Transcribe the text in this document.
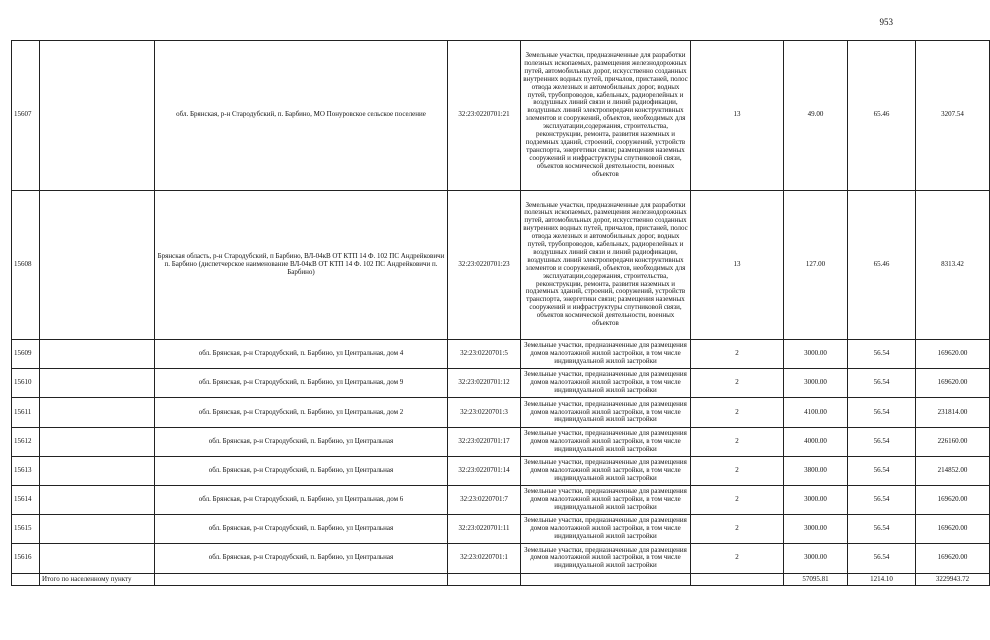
953
15607		обл. Брянская, р-н Стародубский, п. Барбино, МО Понуровское сельское поселение	32:23:0220701:21	Земельные участки, предназначенные для разработки полезных ископаемых, размещения железнодорожных путей, автомобильных дорог, искусственно созданных внутренних водных путей, причалов, пристаней, полос отвода железных и автомобильных дорог, водных путей, трубопроводов, кабельных, радиорелейных и воздушных линий связи и линий радиофикации, воздушных линий электропередачи конструктивных элементов и сооружений, объектов, необходимых для эксплуатации,содержания, строительства, реконструкции, ремонта, развития наземных и подземных зданий, строений, сооружений, устройств транспорта, энергетики связи; размещения наземных сооружений и инфраструктуры спутниковой связи, объектов космической деятельности, военных объектов	13	49.00	65.46	3207.54
15608		Брянская область, р-н Стародубский, п Барбино, ВЛ-04кВ ОТ КТП 14 Ф. 102 ПС Андрейковичи п. Барбино (диспетчерское наименование ВЛ-04кВ ОТ КТП 14 Ф. 102 ПС Андрейковичи п. Барбино)	32:23:0220701:23	Земельные участки, предназначенные для разработки полезных ископаемых, размещения железнодорожных путей, автомобильных дорог, искусственно созданных внутренних водных путей, причалов, пристаней, полос отвода железных и автомобильных дорог, водных путей, трубопроводов, кабельных, радиорелейных и воздушных линий связи и линий радиофикации, воздушных линий электропередачи конструктивных элементов и сооружений, объектов, необходимых для эксплуатации,содержания, строительства, реконструкции, ремонта, развития наземных и подземных зданий, строений, сооружений, устройств транспорта, энергетики связи; размещения наземных сооружений и инфраструктуры спутниковой связи, объектов космической деятельности, военных объектов	13	127.00	65.46	8313.42
15609		обл. Брянская, р-н Стародубский, п. Барбино, ул Центральная, дом 4	32:23:0220701:5	Земельные участки, предназначенные для размещения домов малоэтажной жилой застройки, в том числе индивидуальной жилой застройки	2	3000.00	56.54	169620.00
15610		обл. Брянская, р-н Стародубский, п. Барбино, ул Центральная, дом 9	32:23:0220701:12	Земельные участки, предназначенные для размещения домов малоэтажной жилой застройки, в том числе индивидуальной жилой застройки	2	3000.00	56.54	169620.00
15611		обл. Брянская, р-н Стародубский, п. Барбино, ул Центральная, дом 2	32:23:0220701:3	Земельные участки, предназначенные для размещения домов малоэтажной жилой застройки, в том числе индивидуальной жилой застройки	2	4100.00	56.54	231814.00
15612		обл. Брянская, р-н Стародубский, п. Барбино, ул Центральная	32:23:0220701:17	Земельные участки, предназначенные для размещения домов малоэтажной жилой застройки, в том числе индивидуальной жилой застройки	2	4000.00	56.54	226160.00
15613		обл. Брянская, р-н Стародубский, п. Барбино, ул Центральная	32:23:0220701:14	Земельные участки, предназначенные для размещения домов малоэтажной жилой застройки, в том числе индивидуальной жилой застройки	2	3800.00	56.54	214852.00
15614		обл. Брянская, р-н Стародубский, п. Барбино, ул Центральная, дом 6	32:23:0220701:7	Земельные участки, предназначенные для размещения домов малоэтажной жилой застройки, в том числе индивидуальной жилой застройки	2	3000.00	56.54	169620.00
15615		обл. Брянская, р-н Стародубский, п. Барбино, ул Центральная	32:23:0220701:11	Земельные участки, предназначенные для размещения домов малоэтажной жилой застройки, в том числе индивидуальной жилой застройки	2	3000.00	56.54	169620.00
15616		обл. Брянская, р-н Стародубский, п. Барбино, ул Центральная	32:23:0220701:1	Земельные участки, предназначенные для размещения домов малоэтажной жилой застройки, в том числе индивидуальной жилой застройки	2	3000.00	56.54	169620.00
	Итого по населенному пункту					57095.81	1214.10	3229943.72
